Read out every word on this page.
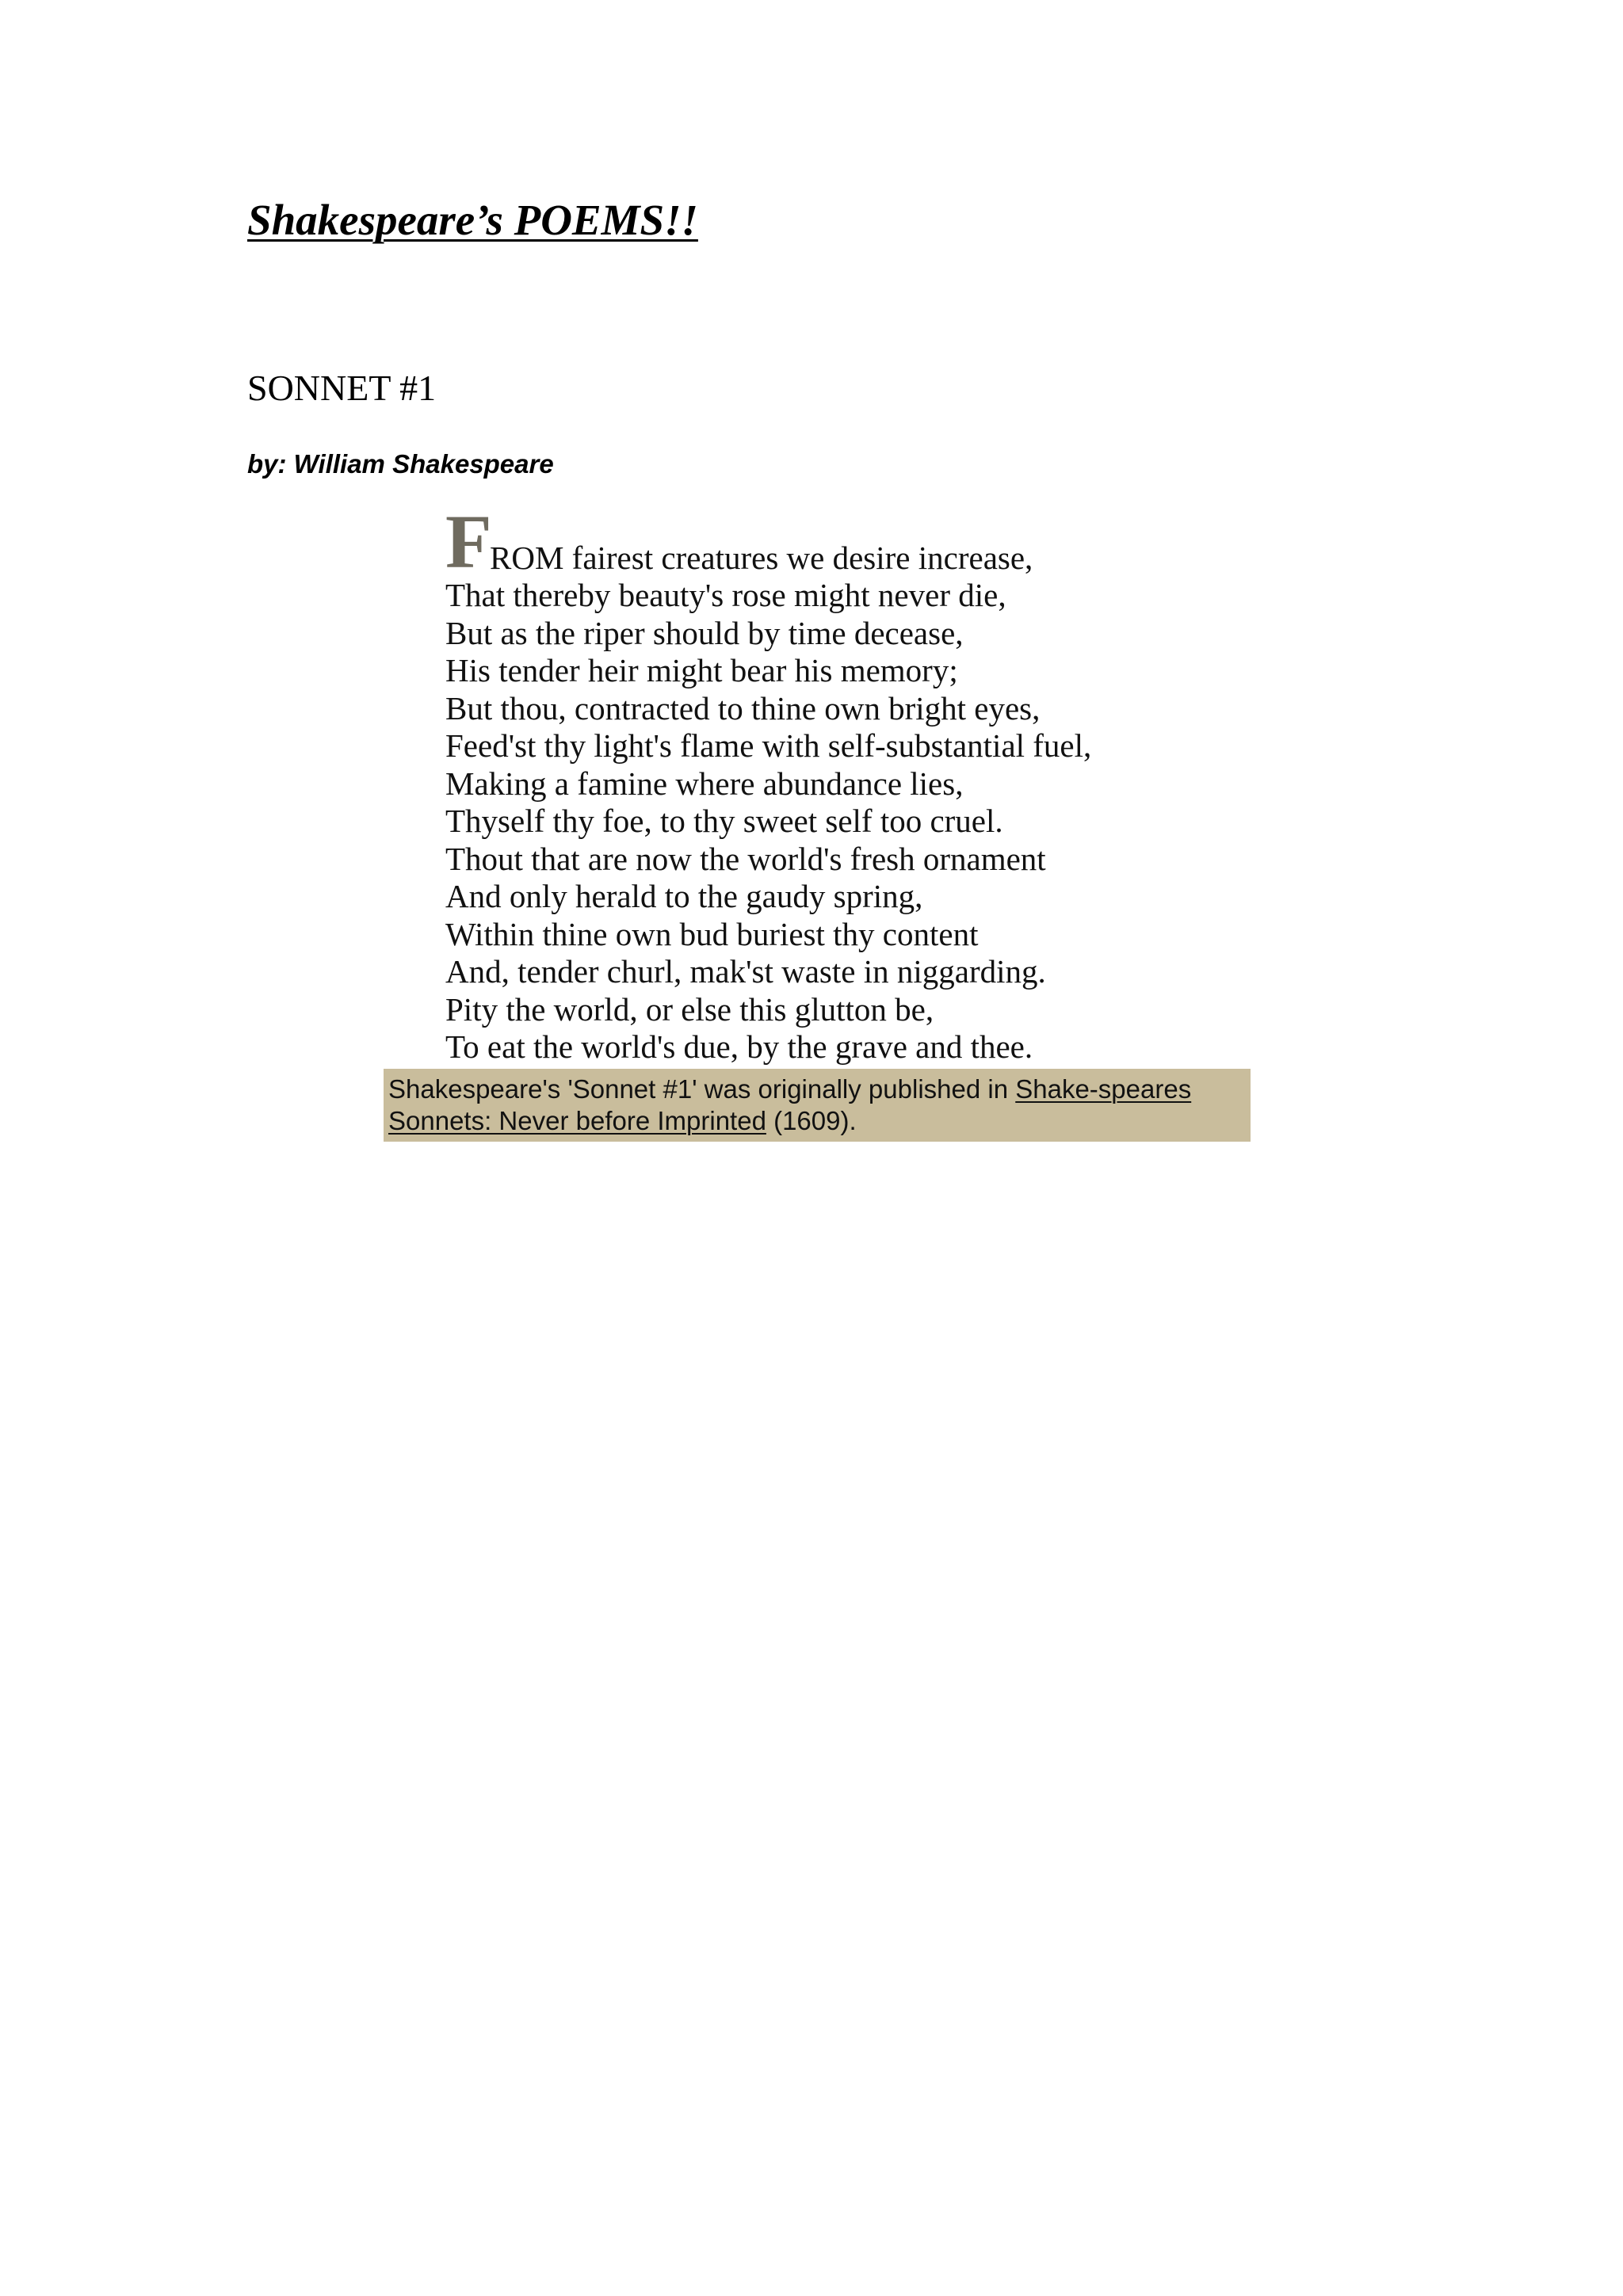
Shakespeare’s POEMS!!
SONNET #1

by: William Shakespeare

F
ROM fairest creatures we desire increase,
That thereby beauty's rose might never die,
But as the riper should by time decease,
His tender heir might bear his memory;
But thou, contracted to thine own bright eyes,
Feed'st thy light's flame with self-substantial fuel,
Making a famine where abundance lies,
Thyself thy foe, to thy sweet self too cruel.
Thout that are now the world's fresh ornament
And only herald to the gaudy spring,
Within thine own bud buriest thy content
And, tender churl, mak'st waste in niggarding.
Pity the world, or else this glutton be,
To eat the world's due, by the grave and thee.
Shakespeare's 'Sonnet #1' was originally published in Shake-speares
Sonnets: Never before Imprinted (1609).
